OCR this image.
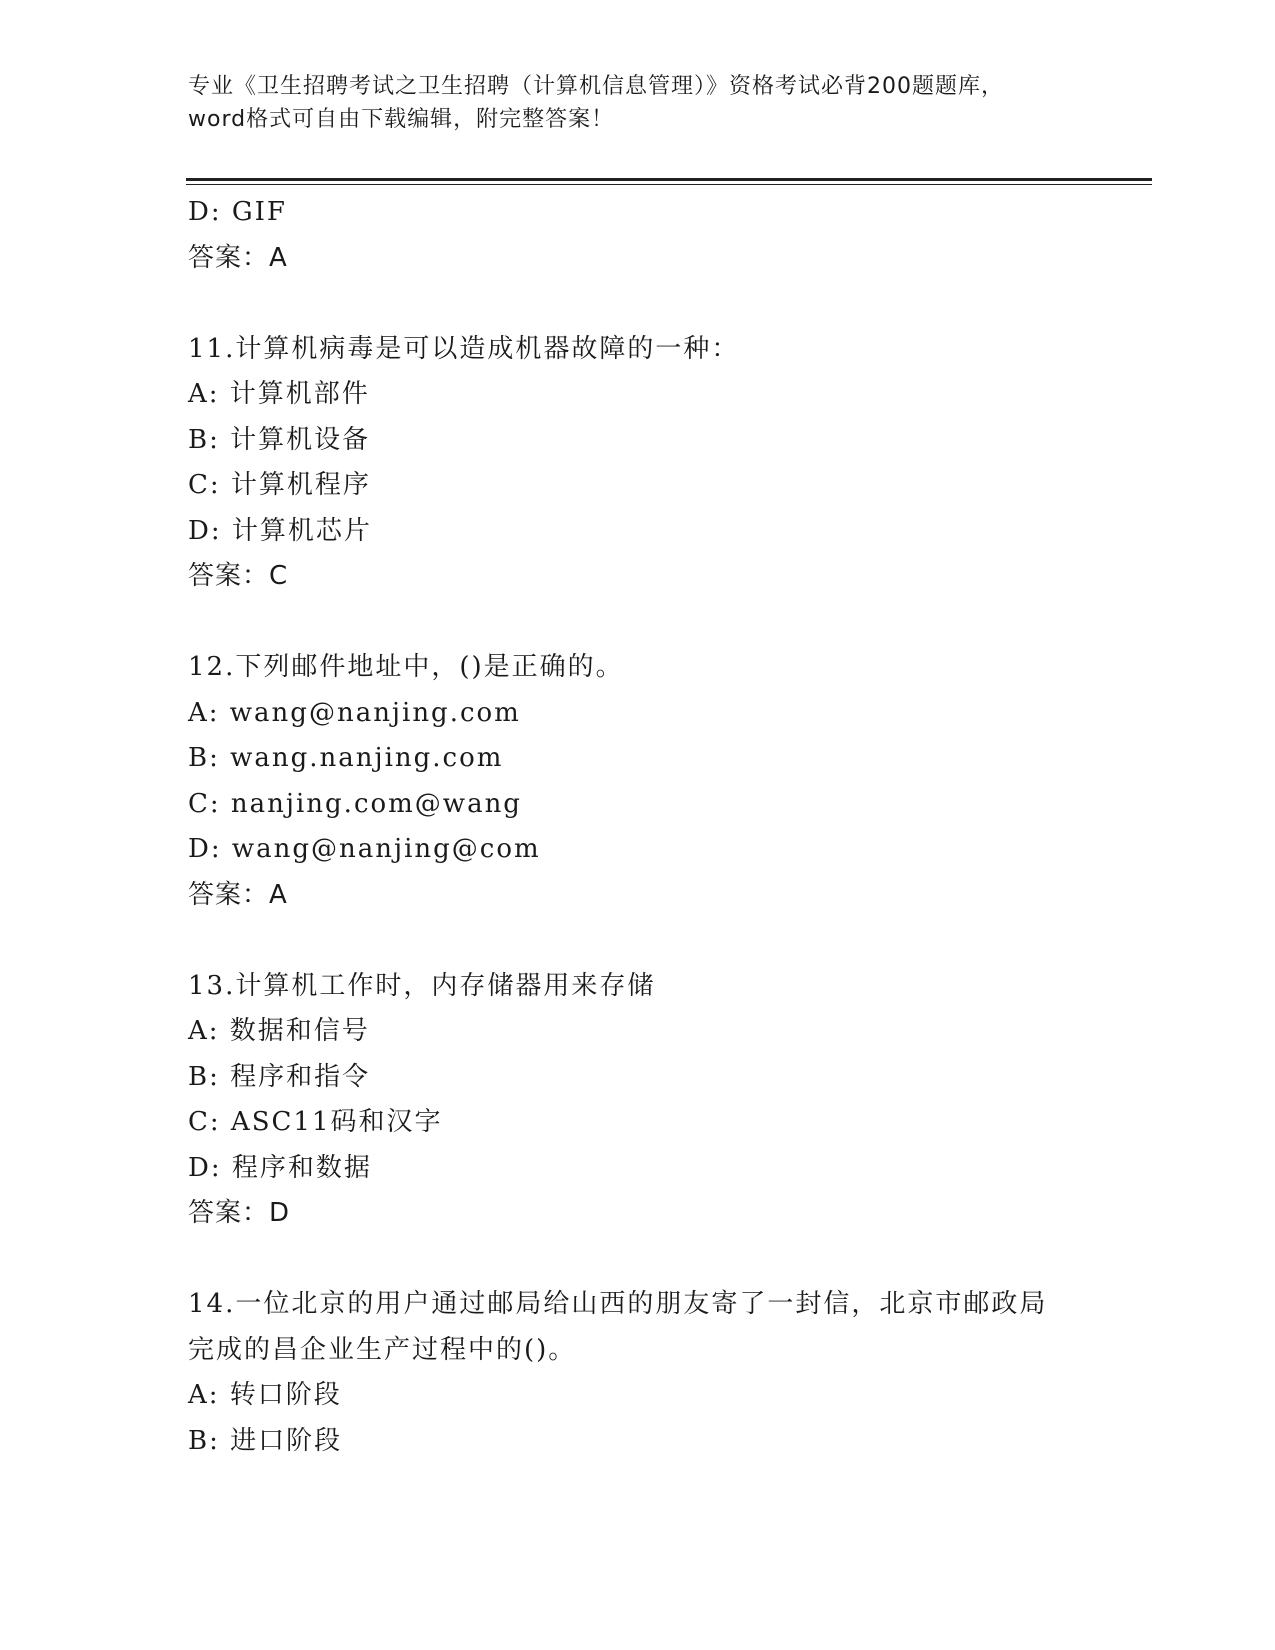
专业《卫生招聘考试之卫生招聘（计算机信息管理）》资格考试必背200题题库，
word格式可自由下载编辑，附完整答案！
D: GIF
答案：A
11.计算机病毒是可以造成机器故障的一种：
A: 计算机部件
B: 计算机设备
C: 计算机程序
D: 计算机芯片
答案：C
12.下列邮件地址中，()是正确的。
A: wang@nanjing.com
B: wang.nanjing.com
C: nanjing.com@wang
D: wang@nanjing@com
答案：A
13.计算机工作时，内存储器用来存储
A: 数据和信号
B: 程序和指令
C: ASC11码和汉字
D: 程序和数据
答案：D
14.一位北京的用户通过邮局给山西的朋友寄了一封信，北京市邮政局
完成的昌企业生产过程中的()。
A: 转口阶段
B: 进口阶段
